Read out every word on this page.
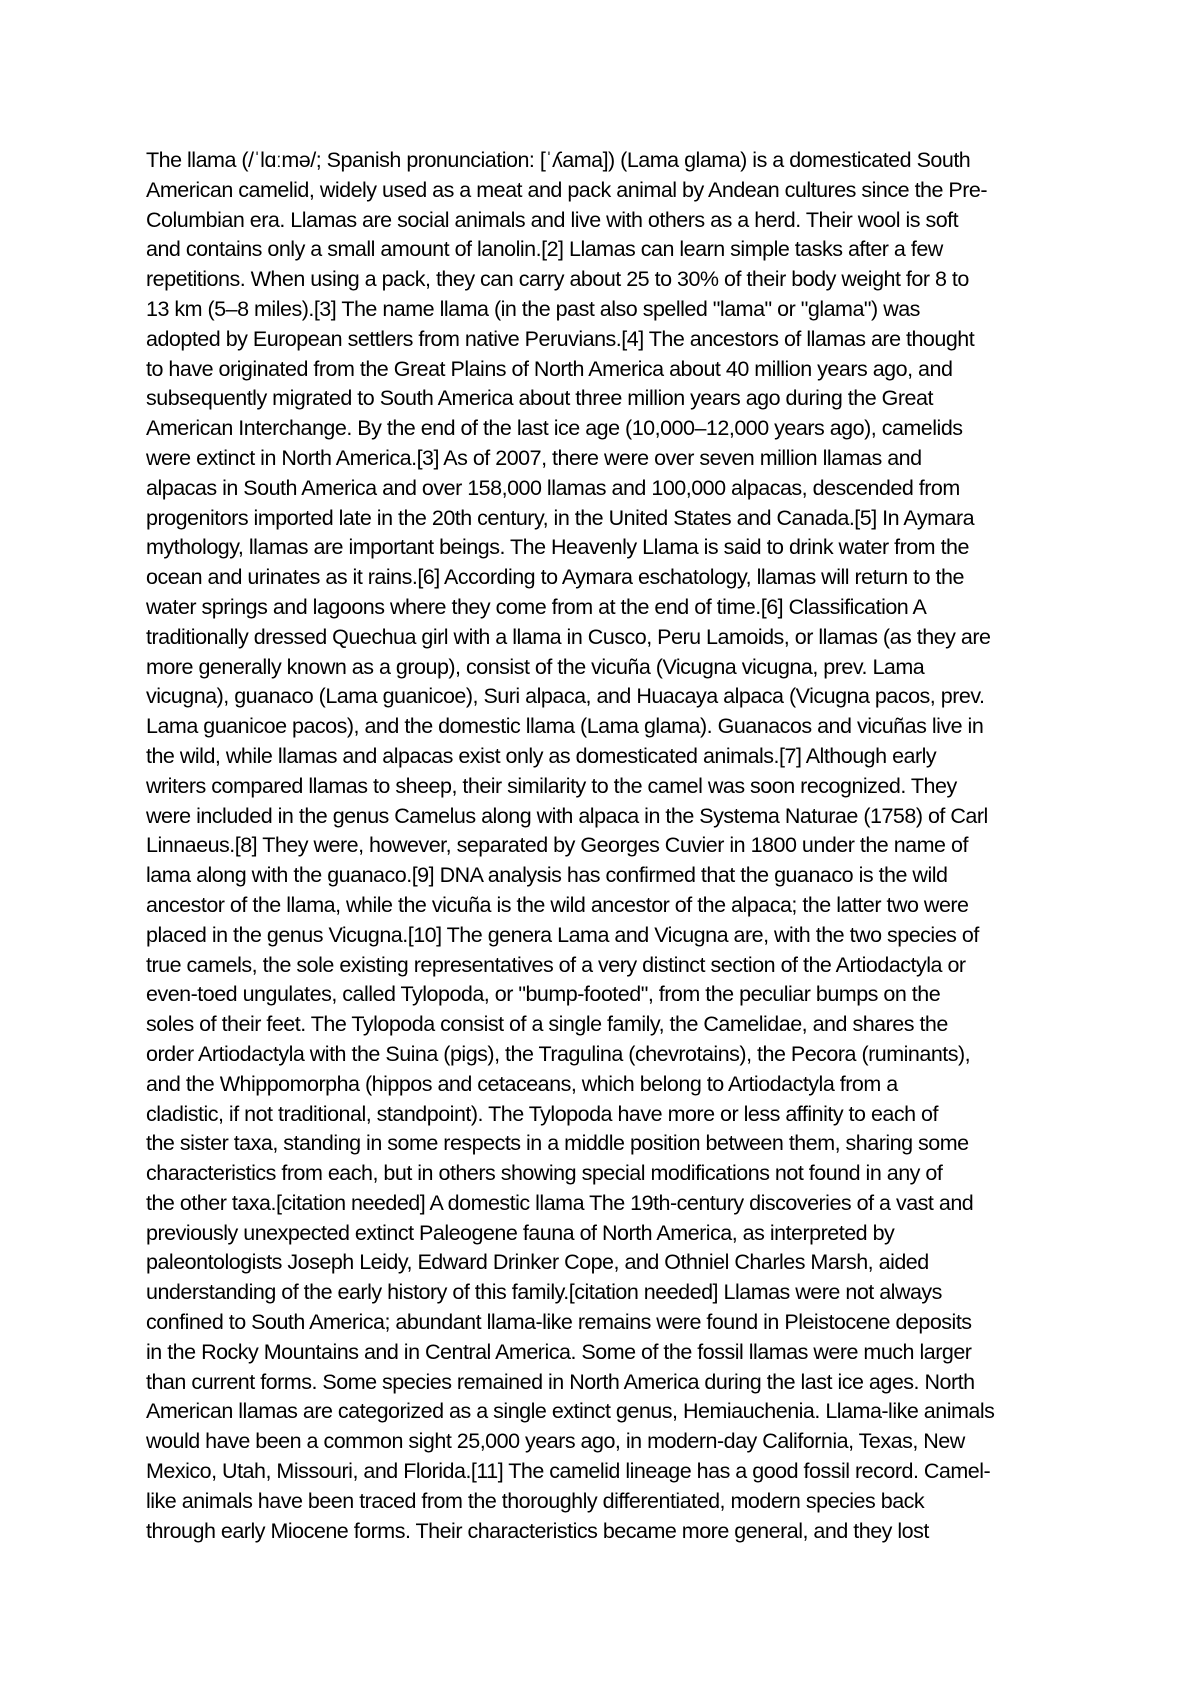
The llama (/ˈlɑːmə/; Spanish pronunciation: [ˈʎama]) (Lama glama) is a domesticated South
American camelid, widely used as a meat and pack animal by Andean cultures since the Pre-
Columbian era. Llamas are social animals and live with others as a herd. Their wool is soft
and contains only a small amount of lanolin.[2] Llamas can learn simple tasks after a few
repetitions. When using a pack, they can carry about 25 to 30% of their body weight for 8 to
13 km (5–8 miles).[3] The name llama (in the past also spelled "lama" or "glama") was
adopted by European settlers from native Peruvians.[4] The ancestors of llamas are thought
to have originated from the Great Plains of North America about 40 million years ago, and
subsequently migrated to South America about three million years ago during the Great
American Interchange. By the end of the last ice age (10,000–12,000 years ago), camelids
were extinct in North America.[3] As of 2007, there were over seven million llamas and
alpacas in South America and over 158,000 llamas and 100,000 alpacas, descended from
progenitors imported late in the 20th century, in the United States and Canada.[5] In Aymara
mythology, llamas are important beings. The Heavenly Llama is said to drink water from the
ocean and urinates as it rains.[6] According to Aymara eschatology, llamas will return to the
water springs and lagoons where they come from at the end of time.[6] Classification A
traditionally dressed Quechua girl with a llama in Cusco, Peru Lamoids, or llamas (as they are
more generally known as a group), consist of the vicuña (Vicugna vicugna, prev. Lama
vicugna), guanaco (Lama guanicoe), Suri alpaca, and Huacaya alpaca (Vicugna pacos, prev.
Lama guanicoe pacos), and the domestic llama (Lama glama). Guanacos and vicuñas live in
the wild, while llamas and alpacas exist only as domesticated animals.[7] Although early
writers compared llamas to sheep, their similarity to the camel was soon recognized. They
were included in the genus Camelus along with alpaca in the Systema Naturae (1758) of Carl
Linnaeus.[8] They were, however, separated by Georges Cuvier in 1800 under the name of
lama along with the guanaco.[9] DNA analysis has confirmed that the guanaco is the wild
ancestor of the llama, while the vicuña is the wild ancestor of the alpaca; the latter two were
placed in the genus Vicugna.[10] The genera Lama and Vicugna are, with the two species of
true camels, the sole existing representatives of a very distinct section of the Artiodactyla or
even-toed ungulates, called Tylopoda, or "bump-footed", from the peculiar bumps on the
soles of their feet. The Tylopoda consist of a single family, the Camelidae, and shares the
order Artiodactyla with the Suina (pigs), the Tragulina (chevrotains), the Pecora (ruminants),
and the Whippomorpha (hippos and cetaceans, which belong to Artiodactyla from a
cladistic, if not traditional, standpoint). The Tylopoda have more or less affinity to each of
the sister taxa, standing in some respects in a middle position between them, sharing some
characteristics from each, but in others showing special modifications not found in any of
the other taxa.[citation needed] A domestic llama The 19th-century discoveries of a vast and
previously unexpected extinct Paleogene fauna of North America, as interpreted by
paleontologists Joseph Leidy, Edward Drinker Cope, and Othniel Charles Marsh, aided
understanding of the early history of this family.[citation needed] Llamas were not always
confined to South America; abundant llama-like remains were found in Pleistocene deposits
in the Rocky Mountains and in Central America. Some of the fossil llamas were much larger
than current forms. Some species remained in North America during the last ice ages. North
American llamas are categorized as a single extinct genus, Hemiauchenia. Llama-like animals
would have been a common sight 25,000 years ago, in modern-day California, Texas, New
Mexico, Utah, Missouri, and Florida.[11] The camelid lineage has a good fossil record. Camel-
like animals have been traced from the thoroughly differentiated, modern species back
through early Miocene forms. Their characteristics became more general, and they lost
